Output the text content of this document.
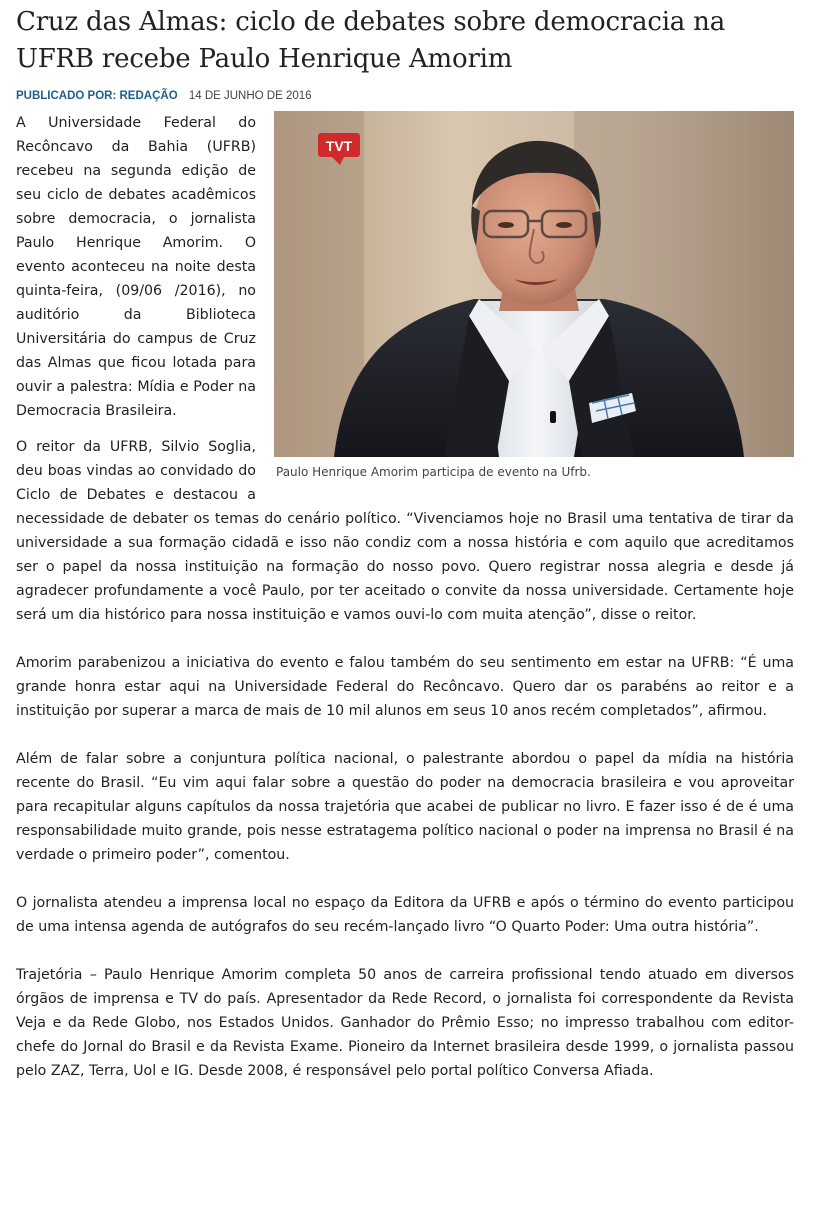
Cruz das Almas: ciclo de debates sobre democracia na UFRB recebe Paulo Henrique Amorim
PUBLICADO POR: REDAÇÃO 14 DE JUNHO DE 2016
TVT
Paulo Henrique Amorim participa de evento na Ufrb.

A Universidade Federal do Recôncavo da Bahia (UFRB) recebeu na segunda edição de seu ciclo de debates acadêmicos sobre democracia, o jornalista Paulo Henrique Amorim. O evento aconteceu na noite desta quinta-feira, (09/06 /2016), no auditório da Biblioteca Universitária do campus de Cruz das Almas que ficou lotada para ouvir a palestra: Mídia e Poder na Democracia Brasileira.

O reitor da UFRB, Silvio Soglia, deu boas vindas ao convidado do Ciclo de Debates e destacou a necessidade de debater os temas do cenário político. “Vivenciamos hoje no Brasil uma tentativa de tirar da universidade a sua formação cidadã e isso não condiz com a nossa história e com aquilo que acreditamos ser o papel da nossa instituição na formação do nosso povo. Quero registrar nossa alegria e desde já agradecer profundamente a você Paulo, por ter aceitado o convite da nossa universidade. Certamente hoje será um dia histórico para nossa instituição e vamos ouvi-lo com muita atenção”, disse o reitor.

Amorim parabenizou a iniciativa do evento e falou também do seu sentimento em estar na UFRB: “É uma grande honra estar aqui na Universidade Federal do Recôncavo. Quero dar os parabéns ao reitor e a instituição por superar a marca de mais de 10 mil alunos em seus 10 anos recém completados”, afirmou.

Além de falar sobre a conjuntura política nacional, o palestrante abordou o papel da mídia na história recente do Brasil. “Eu vim aqui falar sobre a questão do poder na democracia brasileira e vou aproveitar para recapitular alguns capítulos da nossa trajetória que acabei de publicar no livro. E fazer isso é de é uma responsabilidade muito grande, pois nesse estratagema político nacional o poder na imprensa no Brasil é na verdade o primeiro poder”, comentou.

O jornalista atendeu a imprensa local no espaço da Editora da UFRB e após o término do evento participou de uma intensa agenda de autógrafos do seu recém-lançado livro “O Quarto Poder: Uma outra história”.

Trajetória – Paulo Henrique Amorim completa 50 anos de carreira profissional tendo atuado em diversos órgãos de imprensa e TV do país. Apresentador da Rede Record, o jornalista foi correspondente da Revista Veja e da Rede Globo, nos Estados Unidos. Ganhador do Prêmio Esso; no impresso trabalhou com editor-chefe do Jornal do Brasil e da Revista Exame. Pioneiro da Internet brasileira desde 1999, o jornalista passou pelo ZAZ, Terra, Uol e IG. Desde 2008, é responsável pelo portal político Conversa Afiada.
